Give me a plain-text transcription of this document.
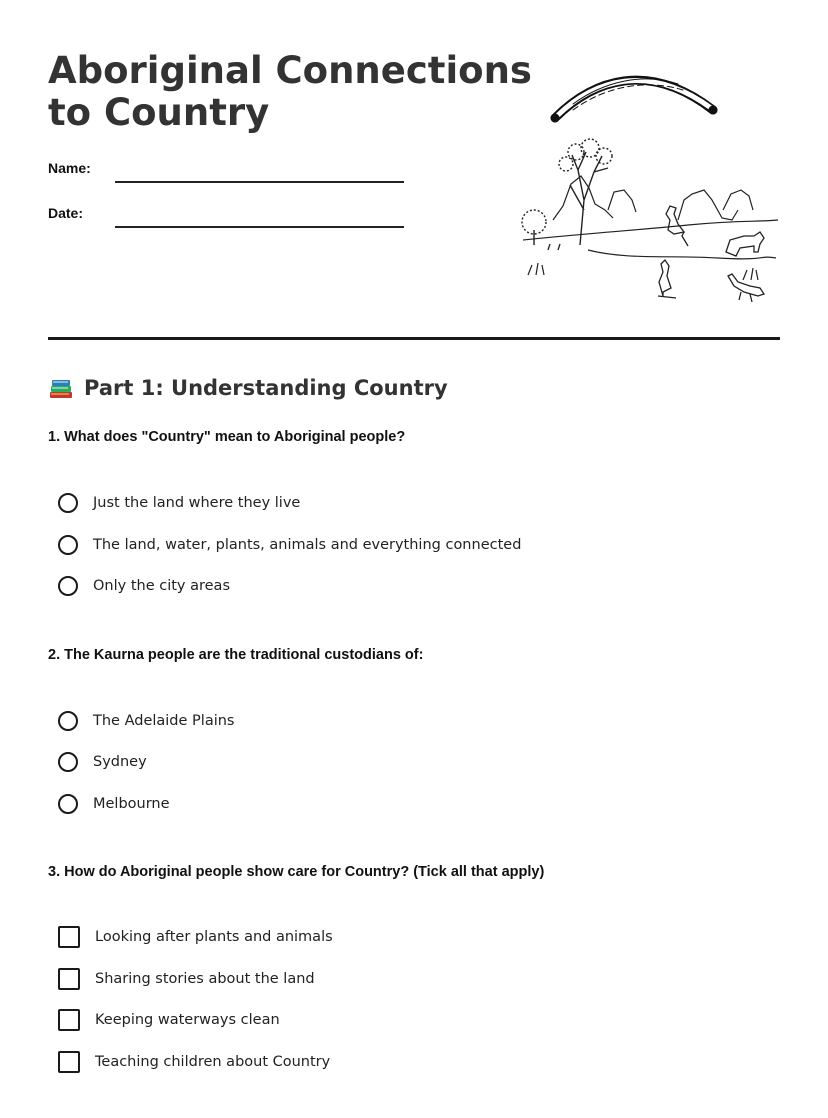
Aboriginal Connections
to Country
Name:
Date:
Part 1: Understanding Country
1. What does "Country" mean to Aboriginal people?
Just the land where they live
The land, water, plants, animals and everything connected
Only the city areas
2. The Kaurna people are the traditional custodians of:
The Adelaide Plains
Sydney
Melbourne
3. How do Aboriginal people show care for Country? (Tick all that apply)
Looking after plants and animals
Sharing stories about the land
Keeping waterways clean
Teaching children about Country
